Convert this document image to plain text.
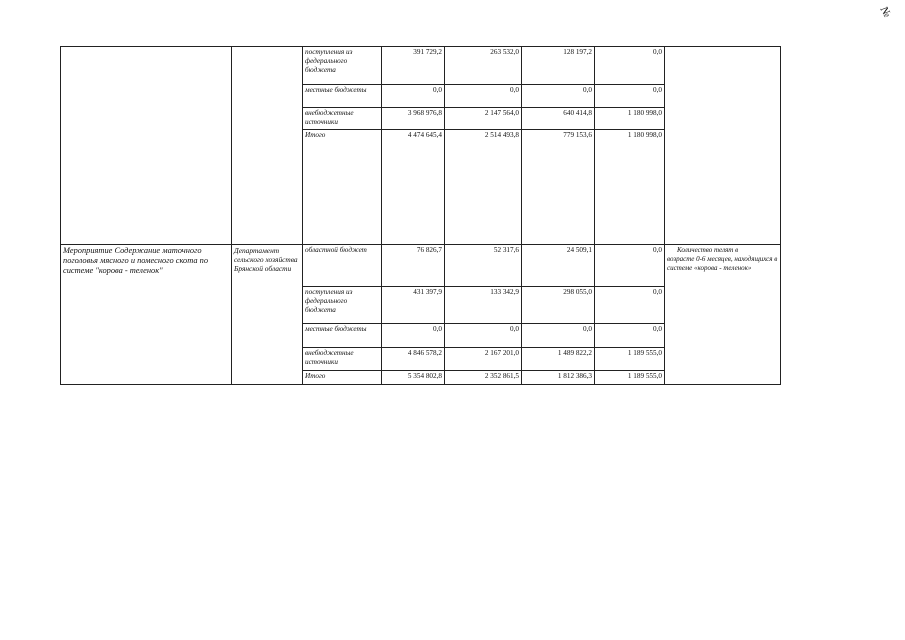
№
		поступления из федерального бюджета	391 729,2	263 532,0	128 197,2	0,0	
		местные бюджеты	0,0	0,0	0,0	0,0	
		внебюджетные источники	3 968 976,8	2 147 564,0	640 414,8	1 180 998,0	
		Итого	4 474 645,4	2 514 493,8	779 153,6	1 180 998,0	
Мероприятие Содержание маточного поголовья мясного и помесного скота по системе "корова - теленок"	Департамент сельского хозяйства Брянской области	областной бюджет	76 826,7	52 317,6	24 509,1	0,0	Количество телят в
возрасте 0-6 месяцев, находящихся в системе «корова - теленок»

		поступления из федерального бюджета	431 397,9	133 342,9	298 055,0	0,0	
		местные бюджеты	0,0	0,0	0,0	0,0	
		внебюджетные источники	4 846 578,2	2 167 201,0	1 489 822,2	1 189 555,0	
		Итого	5 354 802,8	2 352 861,5	1 812 386,3	1 189 555,0	
